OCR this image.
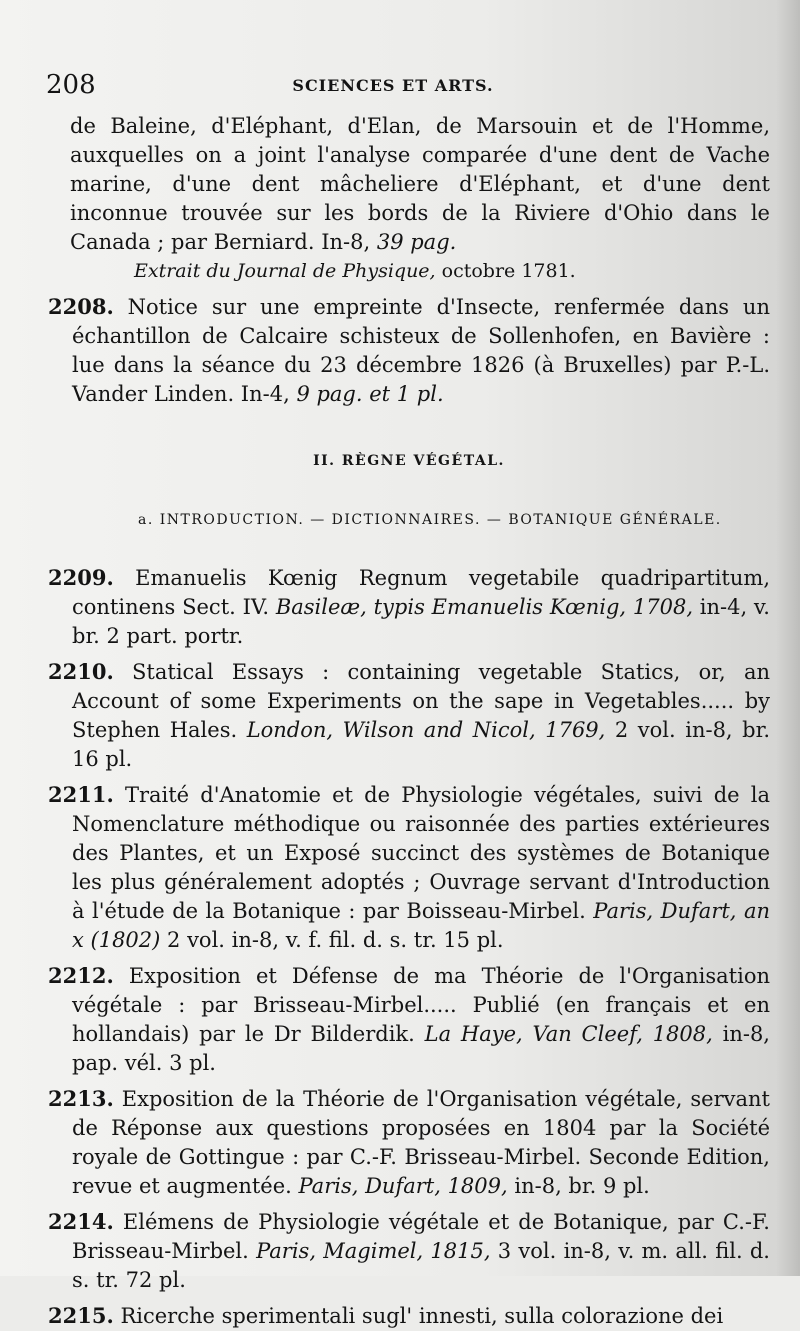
208	SCIENCES ET ARTS.

de Baleine, d'Eléphant, d'Elan, de Marsouin et de l'Homme, auxquelles on a joint l'analyse comparée d'une dent de Vache marine, d'une dent mâcheliere d'Eléphant, et d'une dent inconnue trouvée sur les bords de la Riviere d'Ohio dans le Canada ; par Berniard. In-8, 39 pag.

Extrait du Journal de Physique, octobre 1781.

2208. Notice sur une empreinte d'Insecte, renfermée dans un échantillon de Calcaire schisteux de Sollenhofen, en Bavière : lue dans la séance du 23 décembre 1826 (à Bruxelles) par P.-L. Vander Linden. In-4, 9 pag. et 1 pl.

II. RÈGNE VÉGÉTAL.

a. INTRODUCTION. — DICTIONNAIRES. — BOTANIQUE GÉNÉRALE.

2209. Emanuelis Kœnig Regnum vegetabile quadripartitum, continens Sect. IV. Basileæ, typis Emanuelis Kœnig, 1708, in-4, v. br. 2 part. portr.

2210. Statical Essays : containing vegetable Statics, or, an Account of some Experiments on the sape in Vegetables..... by Stephen Hales. London, Wilson and Nicol, 1769, 2 vol. in-8, br. 16 pl.

2211. Traité d'Anatomie et de Physiologie végétales, suivi de la Nomenclature méthodique ou raisonnée des parties extérieures des Plantes, et un Exposé succinct des systèmes de Botanique les plus généralement adoptés ; Ouvrage servant d'Introduction à l'étude de la Botanique : par Boisseau-Mirbel. Paris, Dufart, an x (1802) 2 vol. in-8, v. f. fil. d. s. tr. 15 pl.

2212. Exposition et Défense de ma Théorie de l'Organisation végétale : par Brisseau-Mirbel..... Publié (en français et en hollandais) par le Dr Bilderdik. La Haye, Van Cleef, 1808, in-8, pap. vél. 3 pl.

2213. Exposition de la Théorie de l'Organisation végétale, servant de Réponse aux questions proposées en 1804 par la Société royale de Gottingue : par C.-F. Brisseau-Mirbel. Seconde Edition, revue et augmentée. Paris, Dufart, 1809, in-8, br. 9 pl.

2214. Elémens de Physiologie végétale et de Botanique, par C.-F. Brisseau-Mirbel. Paris, Magimel, 1815, 3 vol. in-8, v. m. all. fil. d. s. tr. 72 pl.

2215. Ricerche sperimentali sugl' innesti, sulla colorazione dei
